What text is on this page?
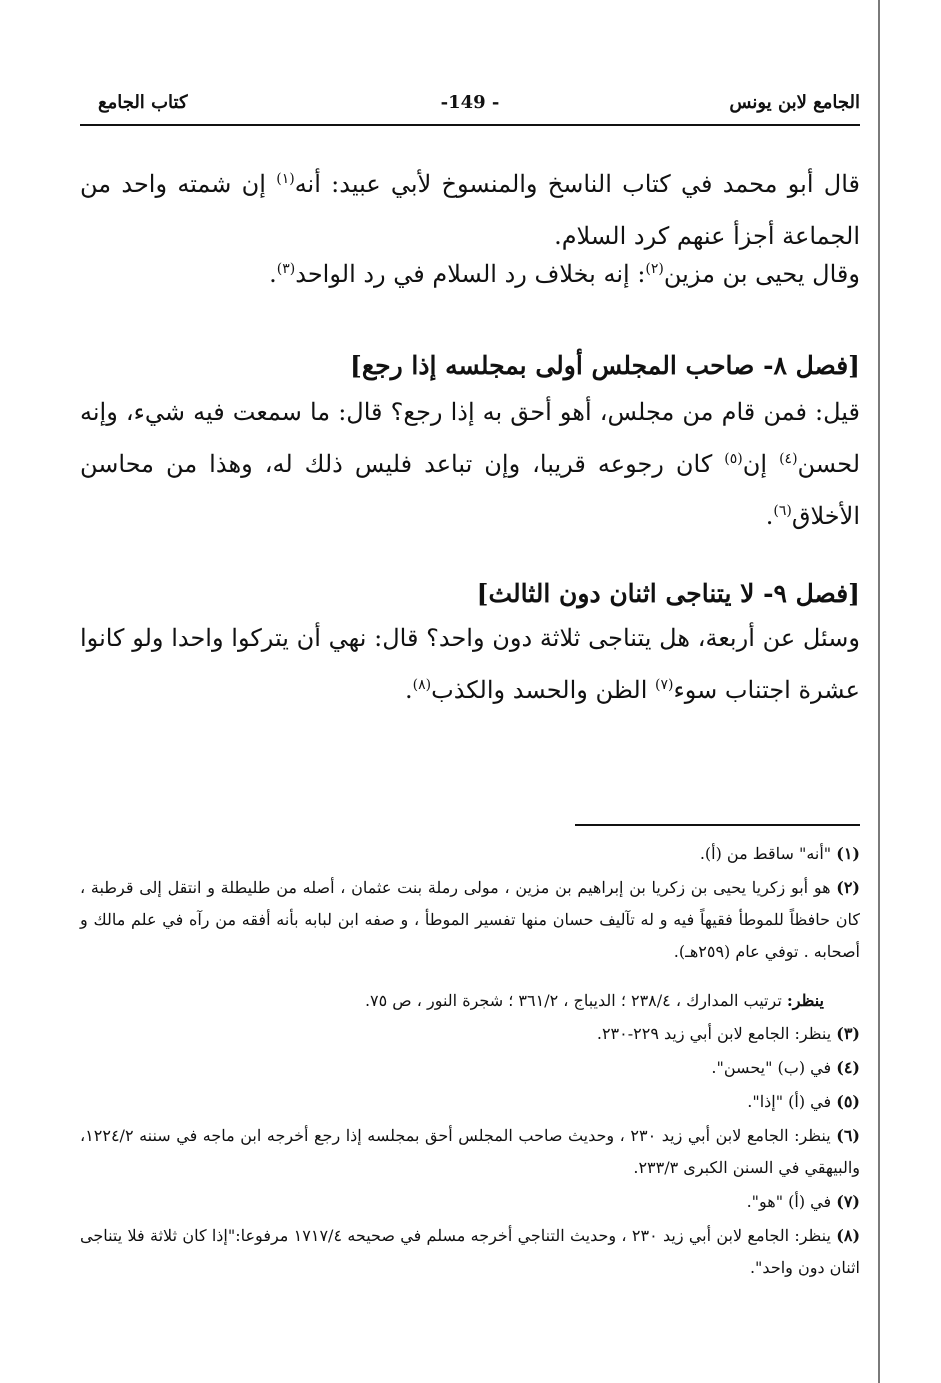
الجامع لابن يونس
-149 -
كتاب الجامع

قال أبو محمد في كتاب الناسخ والمنسوخ لأبي عبيد: أنه$^{(١)}$ إن شمته واحد من الجماعة أجزأ عنهم كرد السلام.

وقال يحيى بن مزين$^{(٢)}$: إنه بخلاف رد السلام في رد الواحد$^{(٣)}$.

[فصل ٨- صاحب المجلس أولى بمجلسه إذا رجع]

قيل: فمن قام من مجلس، أهو أحق به إذا رجع؟ قال: ما سمعت فيه شيء، وإنه لحسن$^{(٤)}$ إن$^{(٥)}$ كان رجوعه قريبا، وإن تباعد فليس ذلك له، وهذا من محاسن الأخلاق$^{(٦)}$.

[فصل ٩- لا يتناجى اثنان دون الثالث]

وسئل عن أربعة، هل يتناجى ثلاثة دون واحد؟ قال: نهي أن يتركوا واحدا ولو كانوا عشرة اجتناب سوء$^{(٧)}$ الظن والحسد والكذب$^{(٨)}$.

(١) "أنه" ساقط من (أ).
(٢) هو أبو زكريا يحيى بن زكريا بن إبراهيم بن مزين ، مولى رملة بنت عثمان ، أصله من طليطلة و انتقل إلى قرطبة ، كان حافظاً للموطأ فقيهاً فيه و له تآليف حسان منها تفسير الموطأ ، و صفه ابن لبابه بأنه أفقه من رآه في علم مالك و أصحابه . توفي عام (٢٥٩هـ).
ينظر: ترتيب المدارك ، ٢٣٨/٤ ؛ الديباج ، ٣٦١/٢ ؛ شجرة النور ، ص ٧٥.
(٣) ينظر: الجامع لابن أبي زيد ٢٢٩-٢٣٠.
(٤) في (ب) "يحسن".
(٥) في (أ) "إذا".
(٦) ينظر: الجامع لابن أبي زيد ٢٣٠ ، وحديث صاحب المجلس أحق بمجلسه إذا رجع أخرجه ابن ماجه في سننه ١٢٢٤/٢، والبيهقي في السنن الكبرى ٢٣٣/٣.
(٧) في (أ) "هو".
(٨) ينظر: الجامع لابن أبي زيد ٢٣٠ ، وحديث التناجي أخرجه مسلم في صحيحه ١٧١٧/٤ مرفوعا:"إذا كان ثلاثة فلا يتناجى اثنان دون واحد".
